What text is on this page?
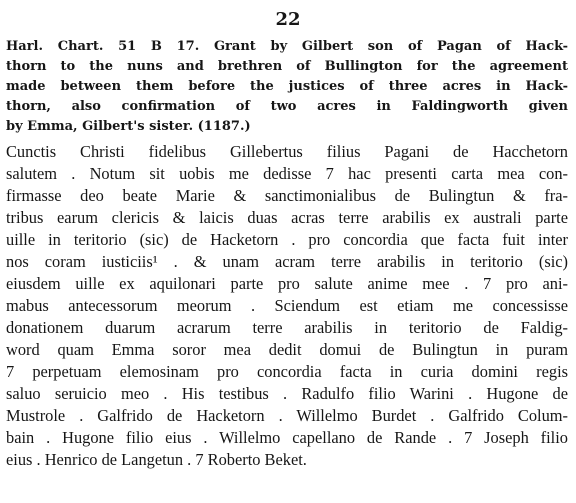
22
Harl. Chart. 51 B 17. Grant by Gilbert son of Pagan of Hack-
thorn to the nuns and brethren of Bullington for the agreement
made between them before the justices of three acres in Hack-
thorn, also confirmation of two acres in Faldingworth given
by Emma, Gilbert's sister. (1187.)
Cunctis Christi fidelibus Gillebertus filius Pagani de Hacchetorn
salutem . Notum sit uobis me dedisse 7 hac presenti carta mea con-
firmasse deo beate Marie & sanctimonialibus de Bulingtun & fra-
tribus earum clericis & laicis duas acras terre arabilis ex australi parte
uille in teritorio (sic) de Hacketorn . pro concordia que facta fuit inter
nos coram iusticiis¹ . & unam acram terre arabilis in teritorio (sic)
eiusdem uille ex aquilonari parte pro salute anime mee . 7 pro ani-
mabus antecessorum meorum . Sciendum est etiam me concessisse
donationem duarum acrarum terre arabilis in teritorio de Faldig-
word quam Emma soror mea dedit domui de Bulingtun in puram
7 perpetuam elemosinam pro concordia facta in curia domini regis
saluo seruicio meo . His testibus . Radulfo filio Warini . Hugone de
Mustrole . Galfrido de Hacketorn . Willelmo Burdet . Galfrido Colum-
bain . Hugone filio eius . Willelmo capellano de Rande . 7 Joseph filio
eius . Henrico de Langetun . 7 Roberto Beket.
